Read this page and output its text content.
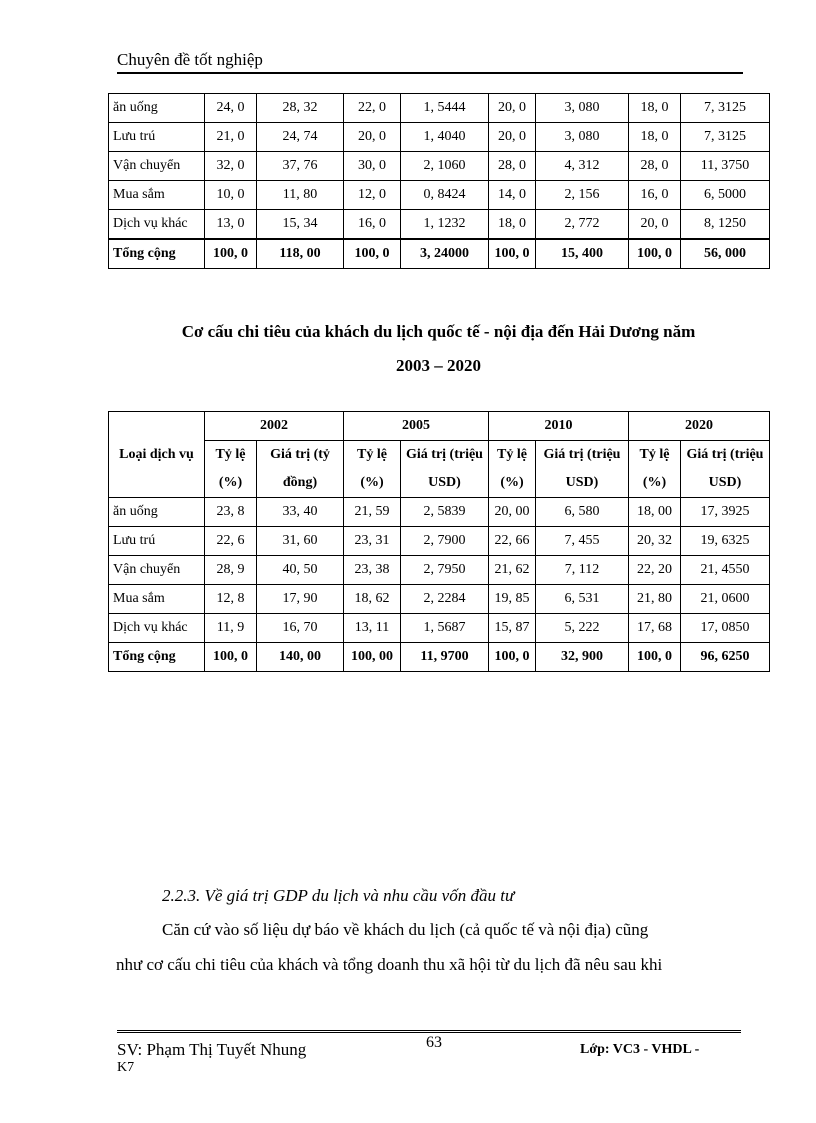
Chuyên đề tốt nghiệp
ăn uống	24, 0	28, 32	22, 0	1, 5444	20, 0	3, 080	18, 0	7, 3125
Lưu trú	21, 0	24, 74	20, 0	1, 4040	20, 0	3, 080	18, 0	7, 3125
Vận chuyển	32, 0	37, 76	30, 0	2, 1060	28, 0	4, 312	28, 0	11, 3750
Mua sắm	10, 0	11, 80	12, 0	0, 8424	14, 0	2, 156	16, 0	6, 5000
Dịch vụ khác	13, 0	15, 34	16, 0	1, 1232	18, 0	2, 772	20, 0	8, 1250
Tổng cộng	100, 0	118, 00	100, 0	3, 24000	100, 0	15, 400	100, 0	56, 000
Cơ cấu chi tiêu của khách du lịch quốc tế - nội địa đến Hải Dương năm
2003 – 2020
Loại dịch vụ	2002		2005		2010		2020	
	Tỷ lệ (%)	Giá trị (tỷ đồng)	Tỷ lệ (%)	Giá trị (triệu USD)	Tỷ lệ (%)	Giá trị (triệu USD)	Tỷ lệ (%)	Giá trị (triệu USD)
ăn uống	23, 8	33, 40	21, 59	2, 5839	20, 00	6, 580	18, 00	17, 3925
Lưu trú	22, 6	31, 60	23, 31	2, 7900	22, 66	7, 455	20, 32	19, 6325
Vận chuyển	28, 9	40, 50	23, 38	2, 7950	21, 62	7, 112	22, 20	21, 4550
Mua sắm	12, 8	17, 90	18, 62	2, 2284	19, 85	6, 531	21, 80	21, 0600
Dịch vụ khác	11, 9	16, 70	13, 11	1, 5687	15, 87	5, 222	17, 68	17, 0850
Tổng cộng	100, 0	140, 00	100, 00	11, 9700	100, 0	32, 900	100, 0	96, 6250
2.2.3. Về giá trị GDP du lịch và nhu cầu vốn đầu tư
Căn cứ vào số liệu dự báo về khách du lịch (cả quốc tế và nội địa) cũng
như cơ cấu chi tiêu của khách và tổng doanh thu xã hội từ du lịch đã nêu sau khi
SV: Phạm Thị Tuyết Nhung
K7
63	Lớp: VC3 - VHDL -
